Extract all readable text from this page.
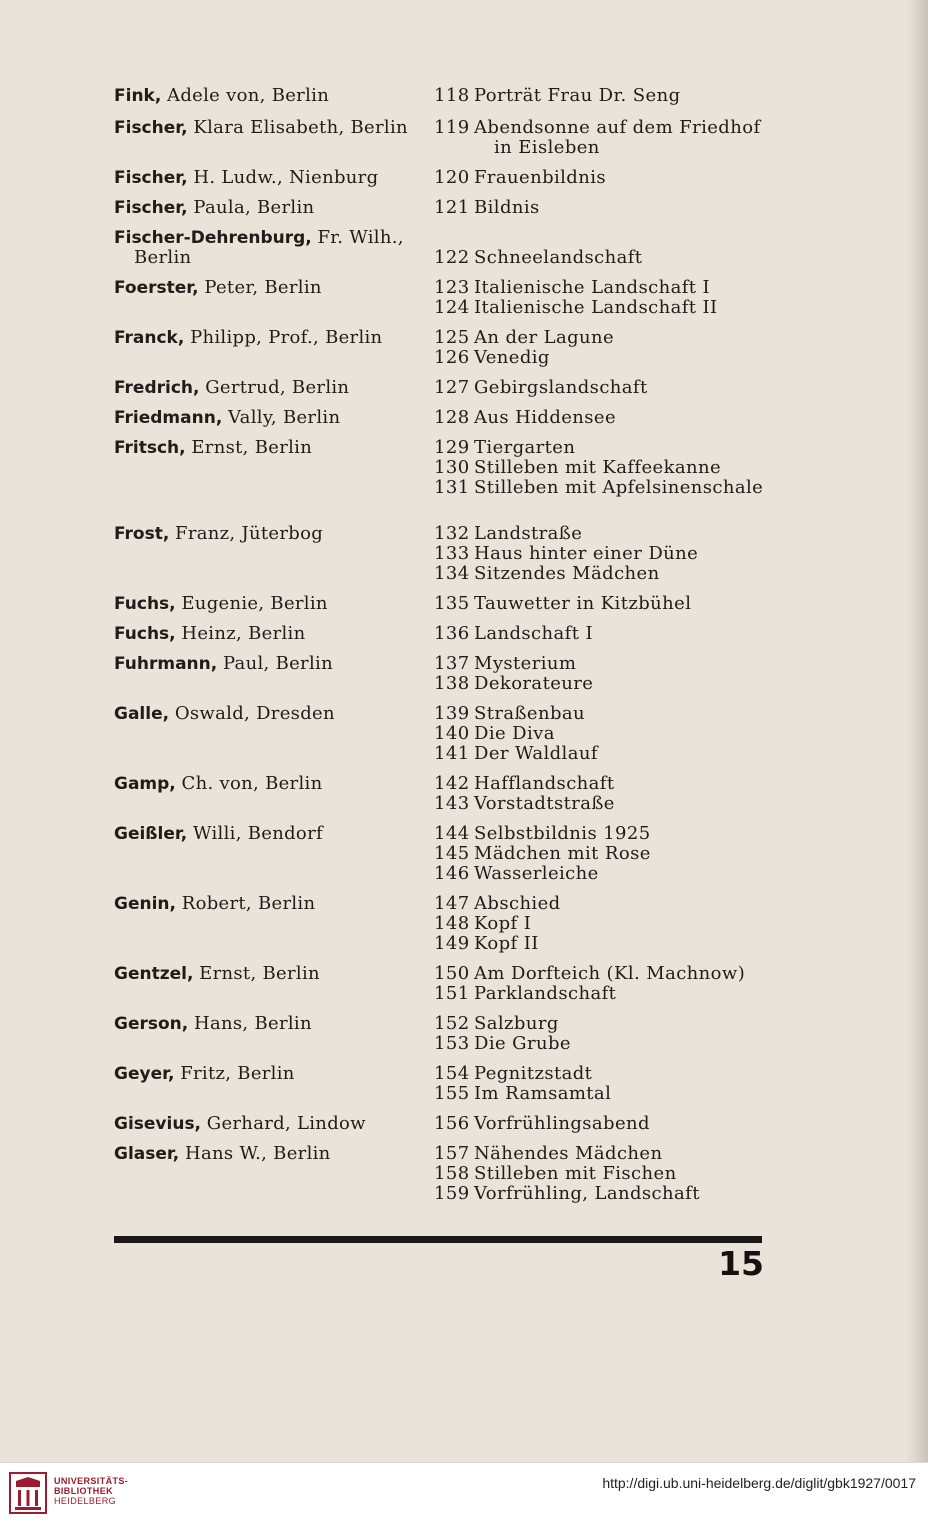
Fink, Adele von, Berlin	118 Porträt Frau Dr. Seng
Fischer, Klara Elisabeth, Berlin	119 Abendsonne auf dem Friedhof in Eisleben
Fischer, H. Ludw., Nienburg	120 Frauenbildnis
Fischer, Paula, Berlin	121 Bildnis
Fischer-Dehrenburg, Fr. Wilh., Berlin	122 Schneelandschaft
Foerster, Peter, Berlin	123 Italienische Landschaft I
124 Italienische Landschaft II
Franck, Philipp, Prof., Berlin	125 An der Lagune
126 Venedig
Fredrich, Gertrud, Berlin	127 Gebirgslandschaft
Friedmann, Vally, Berlin	128 Aus Hiddensee
Fritsch, Ernst, Berlin	129 Tiergarten
130 Stilleben mit Kaffeekanne
131 Stilleben mit Apfelsinenschale
Frost, Franz, Jüterbog	132 Landstraße
133 Haus hinter einer Düne
134 Sitzendes Mädchen
Fuchs, Eugenie, Berlin	135 Tauwetter in Kitzbühel
Fuchs, Heinz, Berlin	136 Landschaft I
Fuhrmann, Paul, Berlin	137 Mysterium
138 Dekorateure
Galle, Oswald, Dresden	139 Straßenbau
140 Die Diva
141 Der Waldlauf
Gamp, Ch. von, Berlin	142 Hafflandschaft
143 Vorstadtstraße
Geißler, Willi, Bendorf	144 Selbstbildnis 1925
145 Mädchen mit Rose
146 Wasserleiche
Genin, Robert, Berlin	147 Abschied
148 Kopf I
149 Kopf II
Gentzel, Ernst, Berlin	150 Am Dorfteich (Kl. Machnow)
151 Parklandschaft
Gerson, Hans, Berlin	152 Salzburg
153 Die Grube
Geyer, Fritz, Berlin	154 Pegnitzstadt
155 Im Ramsamtal
Gisevius, Gerhard, Lindow	156 Vorfrühlingsabend
Glaser, Hans W., Berlin	157 Nähendes Mädchen
158 Stilleben mit Fischen
159 Vorfrühling, Landschaft
15
UNIVERSITÄTS-
BIBLIOTHEK
HEIDELBERG
http://digi.ub.uni-heidelberg.de/diglit/gbk1927/0017
